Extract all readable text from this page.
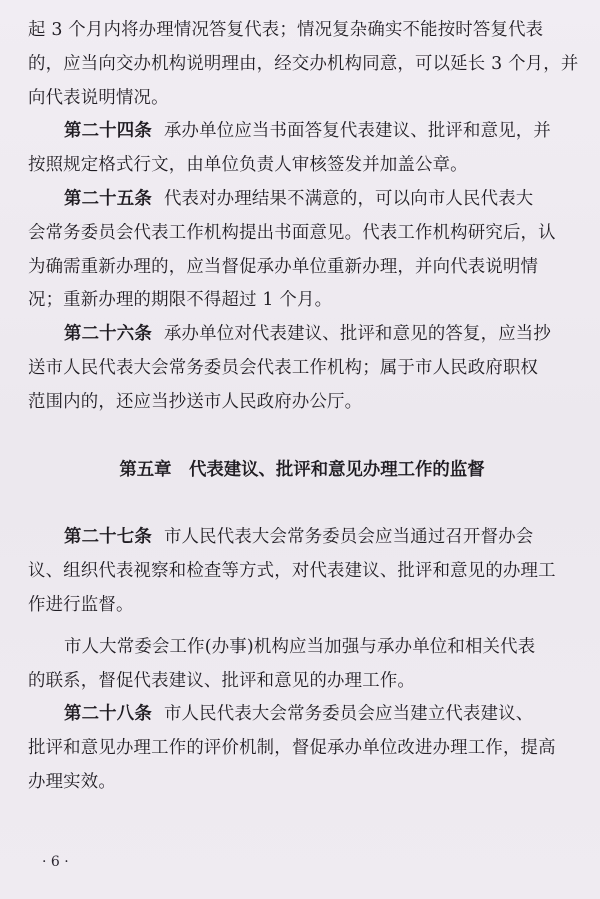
起 3 个月内将办理情况答复代表；情况复杂确实不能按时答复代表
的，应当向交办机构说明理由，经交办机构同意，可以延长 3 个月，并
向代表说明情况。
第二十四条 承办单位应当书面答复代表建议、批评和意见，并
按照规定格式行文，由单位负责人审核签发并加盖公章。
第二十五条 代表对办理结果不满意的，可以向市人民代表大
会常务委员会代表工作机构提出书面意见。代表工作机构研究后，认
为确需重新办理的，应当督促承办单位重新办理，并向代表说明情
况；重新办理的期限不得超过 1 个月。
第二十六条 承办单位对代表建议、批评和意见的答复，应当抄
送市人民代表大会常务委员会代表工作机构；属于市人民政府职权
范围内的，还应当抄送市人民政府办公厅。
第五章　代表建议、批评和意见办理工作的监督
第二十七条 市人民代表大会常务委员会应当通过召开督办会
议、组织代表视察和检查等方式，对代表建议、批评和意见的办理工
作进行监督。
市人大常委会工作(办事)机构应当加强与承办单位和相关代表
的联系，督促代表建议、批评和意见的办理工作。
第二十八条 市人民代表大会常务委员会应当建立代表建议、
批评和意见办理工作的评价机制，督促承办单位改进办理工作，提高
办理实效。
· 6 ·
